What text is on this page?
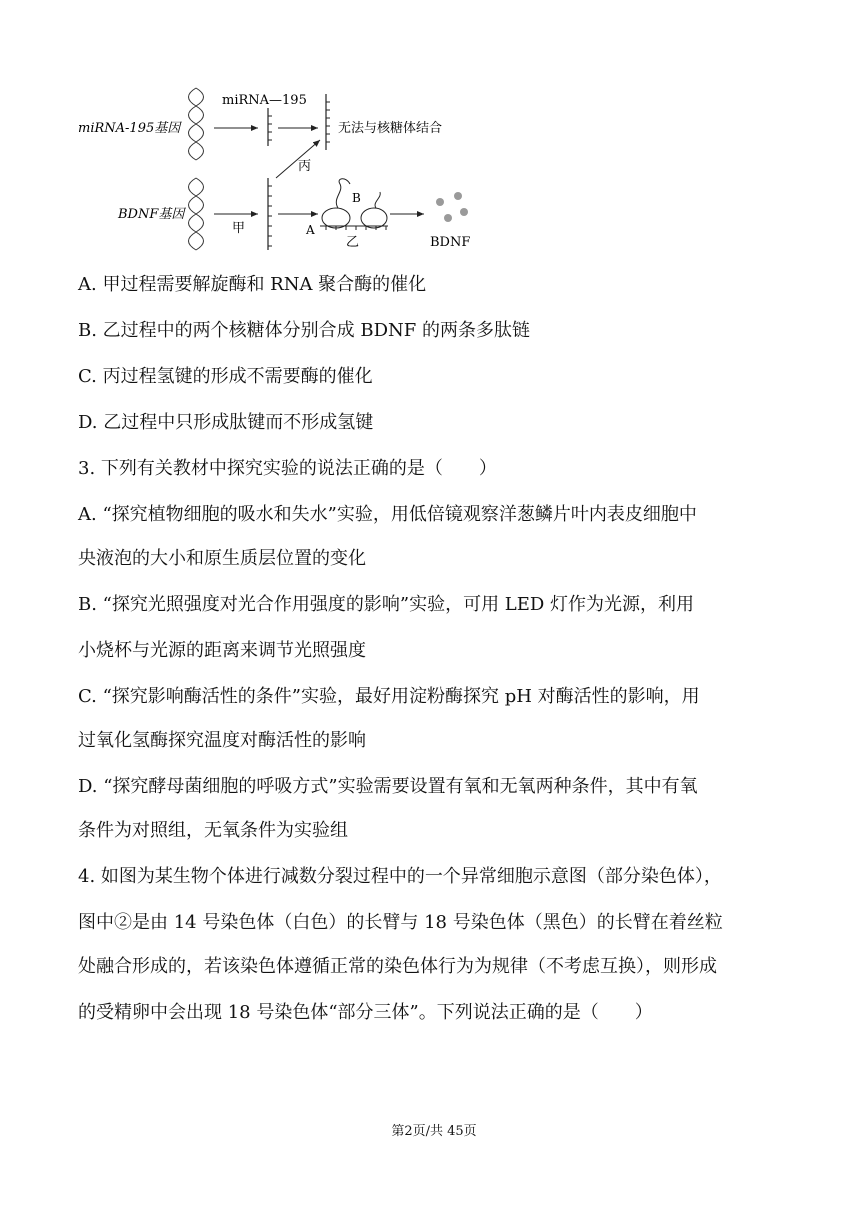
miRNA-195基因
BDNF基因
miRNA—195
无法与核糖体结合
丙
甲
B
A
乙	BDNF
A. 甲过程需要解旋酶和 RNA 聚合酶的催化
B. 乙过程中的两个核糖体分别合成 BDNF 的两条多肽链
C. 丙过程氢键的形成不需要酶的催化
D. 乙过程中只形成肽键而不形成氢键
3. 下列有关教材中探究实验的说法正确的是（　　）
A. “探究植物细胞的吸水和失水”实验，用低倍镜观察洋葱鳞片叶内表皮细胞中
央液泡的大小和原生质层位置的变化
B. “探究光照强度对光合作用强度的影响”实验，可用 LED 灯作为光源，利用
小烧杯与光源的距离来调节光照强度
C. “探究影响酶活性的条件”实验，最好用淀粉酶探究 pH 对酶活性的影响，用
过氧化氢酶探究温度对酶活性的影响
D. “探究酵母菌细胞的呼吸方式”实验需要设置有氧和无氧两种条件，其中有氧
条件为对照组，无氧条件为实验组
4. 如图为某生物个体进行减数分裂过程中的一个异常细胞示意图（部分染色体），
图中②是由 14 号染色体（白色）的长臂与 18 号染色体（黑色）的长臂在着丝粒
处融合形成的，若该染色体遵循正常的染色体行为为规律（不考虑互换），则形成
的受精卵中会出现 18 号染色体“部分三体”。下列说法正确的是（　　）
第2页/共 45页
